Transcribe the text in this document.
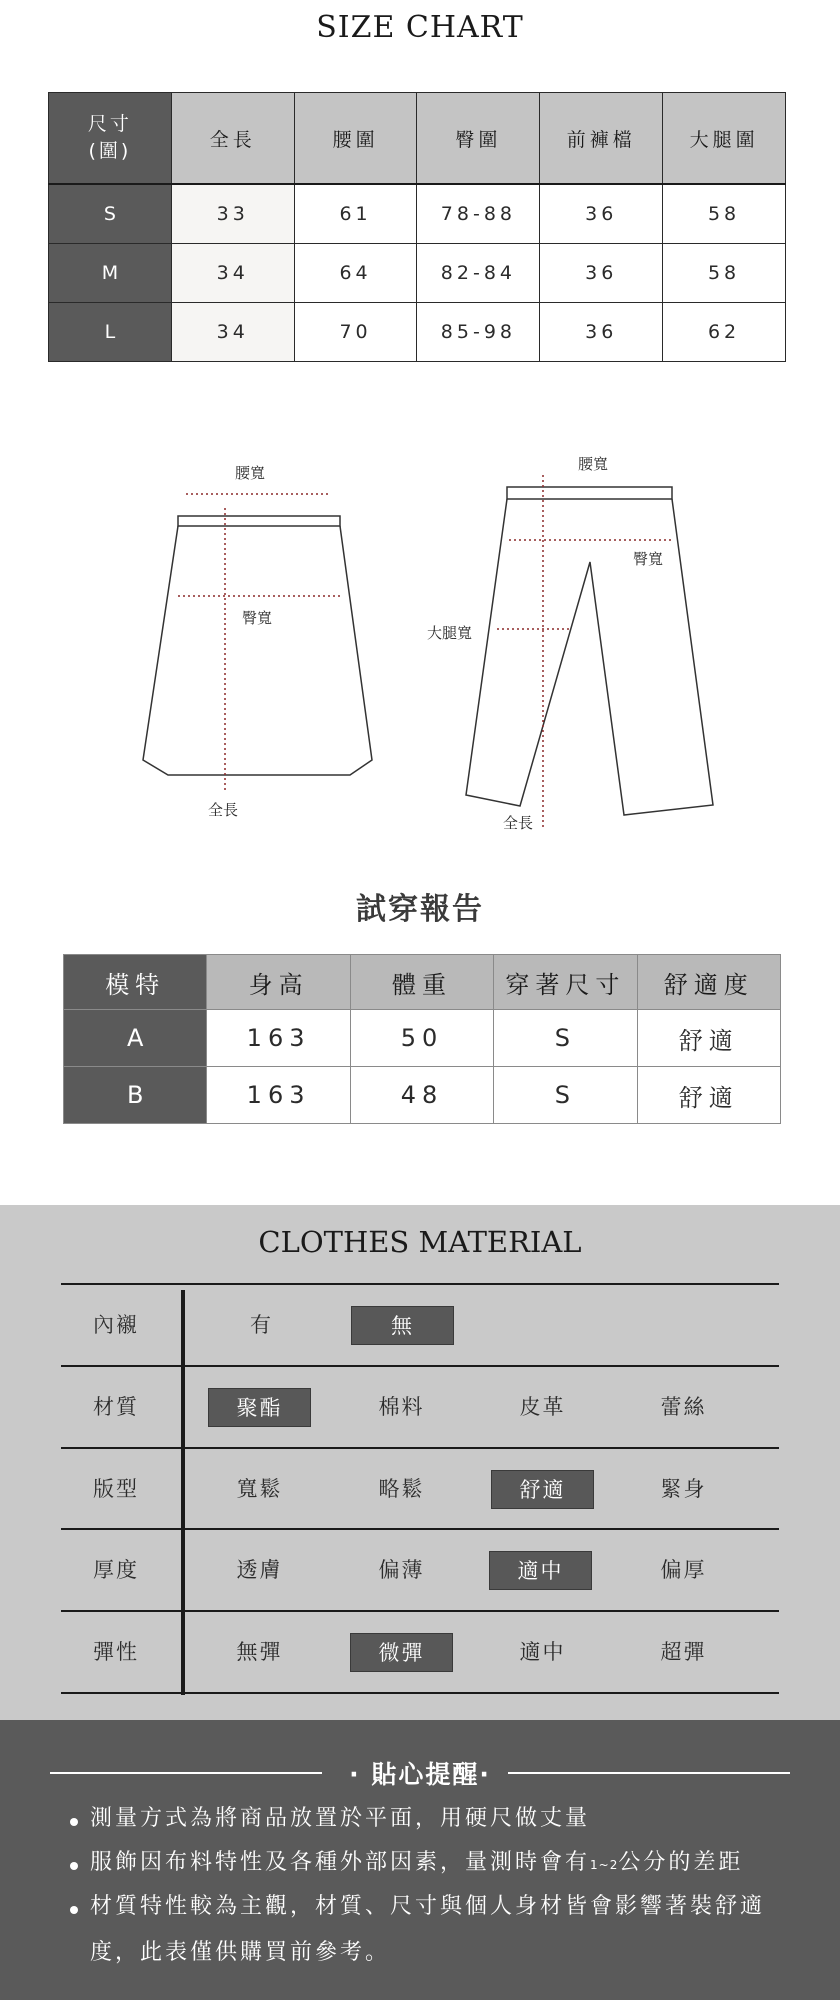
SIZE CHART
尺寸
(圍)	全長	腰圍	臀圍	前褲檔	大腿圍
S	33	61	78-88	36	58
M	34	64	82-84	36	58
L	34	70	85-98	36	62
腰寬
臀寬
全長
腰寬
臀寬
大腿寬
全長
試穿報告
模特	身高	體重	穿著尺寸	舒適度
A	163	50	S	舒適
B	163	48	S	舒適
CLOTHES MATERIAL
內襯	有	無
材質	聚酯	棉料	皮革	蕾絲
版型	寬鬆	略鬆	舒適	緊身
厚度	透膚	偏薄	適中	偏厚
彈性	無彈	微彈	適中	超彈
· 貼心提醒·
測量方式為將商品放置於平面，用硬尺做丈量
服飾因布料特性及各種外部因素，量測時會有1~2公分的差距
材質特性較為主觀，材質、尺寸與個人身材皆會影響著裝舒適
度，此表僅供購買前參考。
